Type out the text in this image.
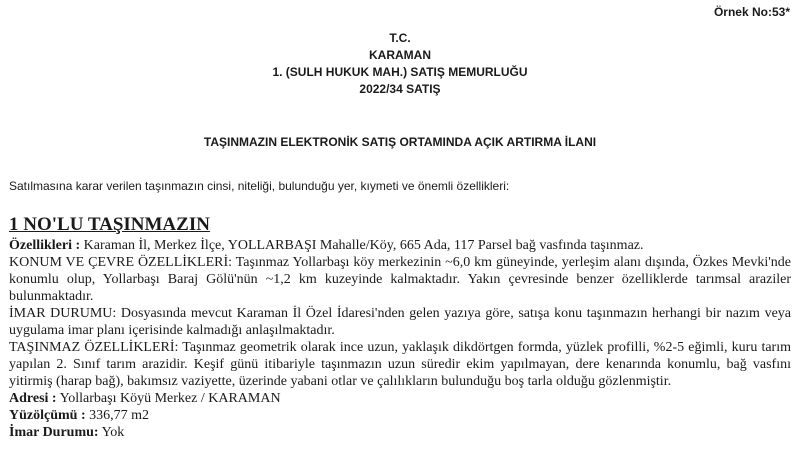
Örnek No:53*
T.C.
KARAMAN
1. (SULH HUKUK MAH.) SATIŞ MEMURLUĞU
2022/34 SATIŞ
TAŞINMAZIN ELEKTRONİK SATIŞ ORTAMINDA AÇIK ARTIRMA İLANI
Satılmasına karar verilen taşınmazın cinsi, niteliği, bulunduğu yer, kıymeti ve önemli özellikleri:
1 NO'LU TAŞINMAZIN

Özellikleri : Karaman İl, Merkez İlçe, YOLLARBAŞI Mahalle/Köy, 665 Ada, 117 Parsel bağ vasfında taşınmaz.

KONUM VE ÇEVRE ÖZELLİKLERİ: Taşınmaz Yollarbaşı köy merkezinin ~6,0 km güneyinde, yerleşim alanı dışında, Özkes Mevki'nde konumlu olup, Yollarbaşı Baraj Gölü'nün ~1,2 km kuzeyinde kalmaktadır. Yakın çevresinde benzer özelliklerde tarımsal araziler bulunmaktadır.

İMAR DURUMU: Dosyasında mevcut Karaman İl Özel İdaresi'nden gelen yazıya göre, satışa konu taşınmazın herhangi bir nazım veya uygulama imar planı içerisinde kalmadığı anlaşılmaktadır.

TAŞINMAZ ÖZELLİKLERİ: Taşınmaz geometrik olarak ince uzun, yaklaşık dikdörtgen formda, yüzlek profilli, %2-5 eğimli, kuru tarım yapılan 2. Sınıf tarım arazidir. Keşif günü itibariyle taşınmazın uzun süredir ekim yapılmayan, dere kenarında konumlu, bağ vasfını yitirmiş (harap bağ), bakımsız vaziyette, üzerinde yabani otlar ve çalılıkların bulunduğu boş tarla olduğu gözlenmiştir.

Adresi : Yollarbaşı Köyü Merkez / KARAMAN

Yüzölçümü : 336,77 m2

İmar Durumu: Yok
